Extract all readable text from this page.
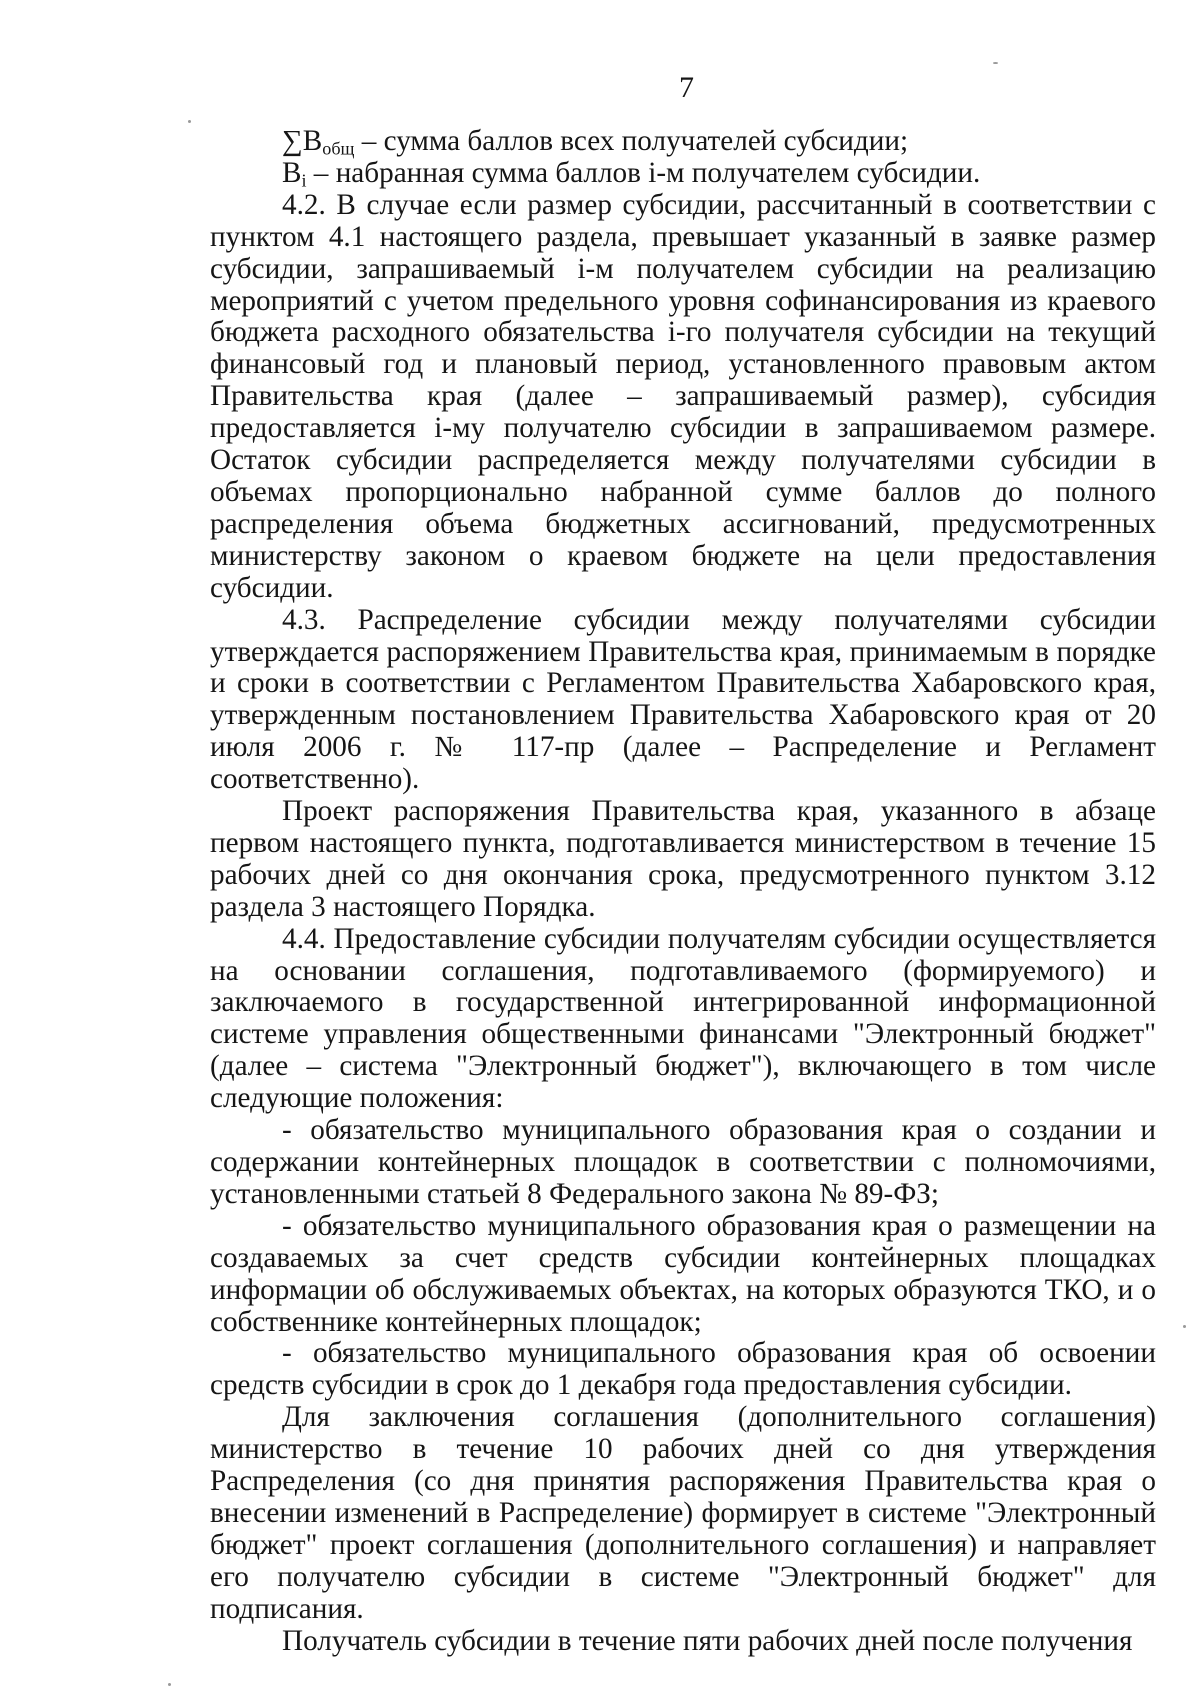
7

$\sum B_{общ}$ – сумма баллов всех получателей субсидии;

$B_i$ – набранная сумма баллов i-м получателем субсидии.

4.2. В случае если размер субсидии, рассчитанный в соответствии с пунктом 4.1 настоящего раздела, превышает указанный в заявке размер субсидии, запрашиваемый i-м получателем субсидии на реализацию мероприятий с учетом предельного уровня софинансирования из краевого бюджета расходного обязательства i-го получателя субсидии на текущий финансовый год и плановый период, установленного правовым актом Правительства края (далее – запрашиваемый размер), субсидия предоставляется i-му получателю субсидии в запрашиваемом размере. Остаток субсидии распределяется между получателями субсидии в объемах пропорционально набранной сумме баллов до полного распределения объема бюджетных ассигнований, предусмотренных министерству законом о краевом бюджете на цели предоставления субсидии.

4.3. Распределение субсидии между получателями субсидии утверждается распоряжением Правительства края, принимаемым в порядке и сроки в соответствии с Регламентом Правительства Хабаровского края, утвержденным постановлением Правительства Хабаровского края от 20 июля 2006 г. № 117-пр (далее – Распределение и Регламент соответственно).

Проект распоряжения Правительства края, указанного в абзаце первом настоящего пункта, подготавливается министерством в течение 15 рабочих дней со дня окончания срока, предусмотренного пунктом 3.12 раздела 3 настоящего Порядка.

4.4. Предоставление субсидии получателям субсидии осуществляется на основании соглашения, подготавливаемого (формируемого) и заключаемого в государственной интегрированной информационной системе управления общественными финансами "Электронный бюджет" (далее – система "Электронный бюджет"), включающего в том числе следующие положения:

- обязательство муниципального образования края о создании и содержании контейнерных площадок в соответствии с полномочиями, установленными статьей 8 Федерального закона № 89-ФЗ;

- обязательство муниципального образования края о размещении на создаваемых за счет средств субсидии контейнерных площадках информации об обслуживаемых объектах, на которых образуются ТКО, и о собственнике контейнерных площадок;

- обязательство муниципального образования края об освоении средств субсидии в срок до 1 декабря года предоставления субсидии.

Для заключения соглашения (дополнительного соглашения) министерство в течение 10 рабочих дней со дня утверждения Распределения (со дня принятия распоряжения Правительства края о внесении изменений в Распределение) формирует в системе "Электронный бюджет" проект соглашения (дополнительного соглашения) и направляет его получателю субсидии в системе "Электронный бюджет" для подписания.

Получатель субсидии в течение пяти рабочих дней после получения
